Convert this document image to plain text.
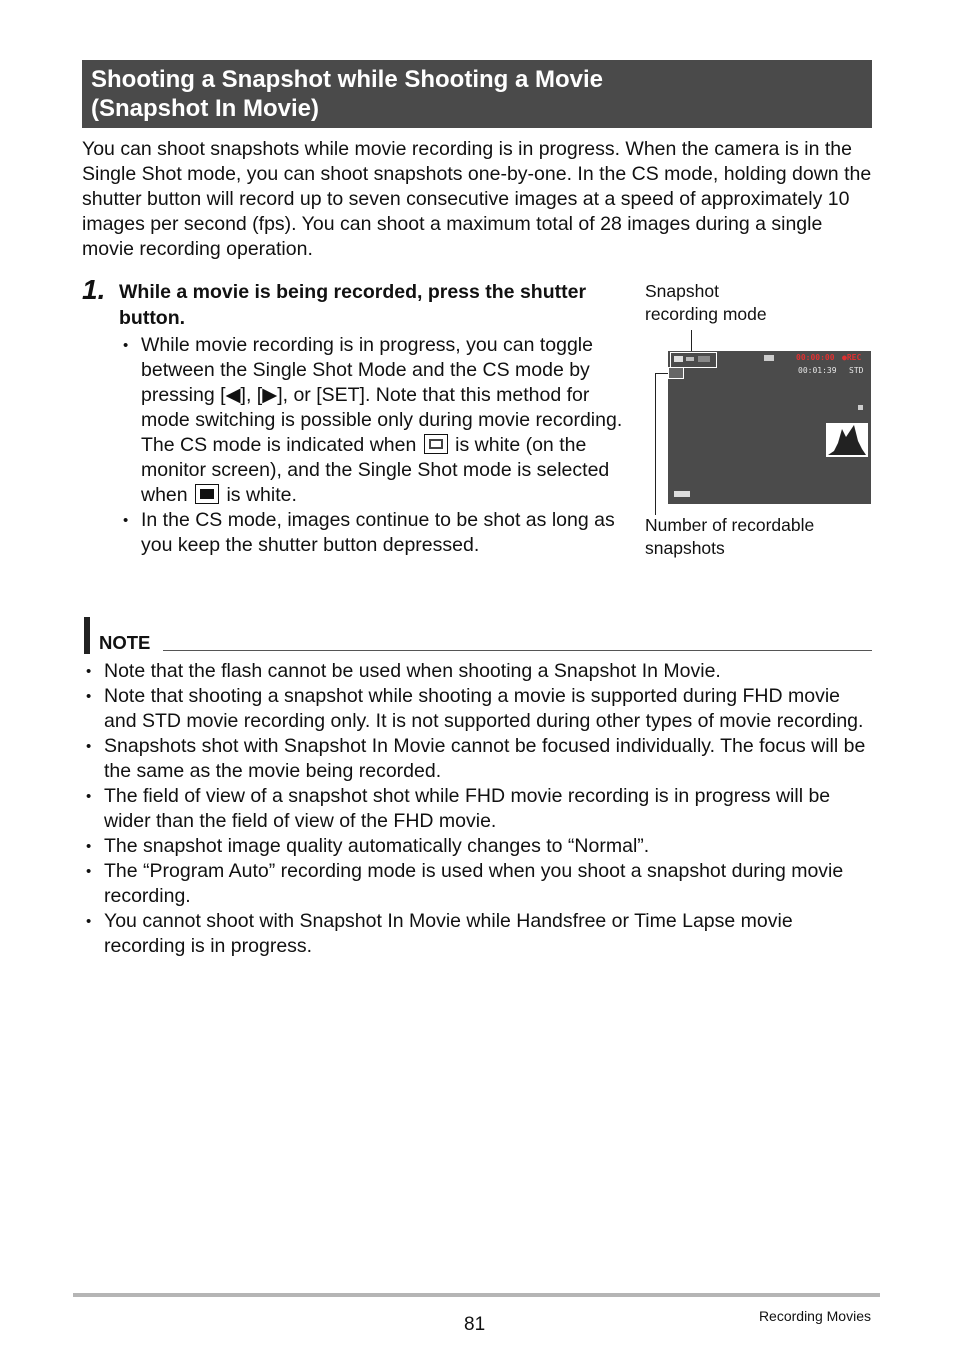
Shooting a Snapshot while Shooting a Movie
(Snapshot In Movie)

You can shoot snapshots while movie recording is in progress. When the camera is in the Single Shot mode, you can shoot snapshots one-by-one. In the CS mode, holding down the shutter button will record up to seven consecutive images at a speed of approximately 10 images per second (fps). You can shoot a maximum total of 28 images during a single movie recording operation.

1. While a movie is being recorded, press the shutter button.

• While movie recording is in progress, you can toggle between the Single Shot Mode and the CS mode by pressing [◀], [▶], or [SET]. Note that this method for mode switching is possible only during movie recording. The CS mode is indicated when  is white (on the monitor screen), and the Single Shot mode is selected when  is white.
• In the CS mode, images continue to be shot as long as you keep the shutter button depressed.

Snapshot
recording mode

00:00:00 ●REC
00:01:39 STD

Number of recordable
snapshots

NOTE
• Note that the flash cannot be used when shooting a Snapshot In Movie.
• Note that shooting a snapshot while shooting a movie is supported during FHD movie and STD movie recording only. It is not supported during other types of movie recording.
• Snapshots shot with Snapshot In Movie cannot be focused individually. The focus will be the same as the movie being recorded.
• The field of view of a snapshot shot while FHD movie recording is in progress will be wider than the field of view of the FHD movie.
• The snapshot image quality automatically changes to “Normal”.
• The “Program Auto” recording mode is used when you shoot a snapshot during movie recording.
• You cannot shoot with Snapshot In Movie while Handsfree or Time Lapse movie recording is in progress.
81	Recording Movies
